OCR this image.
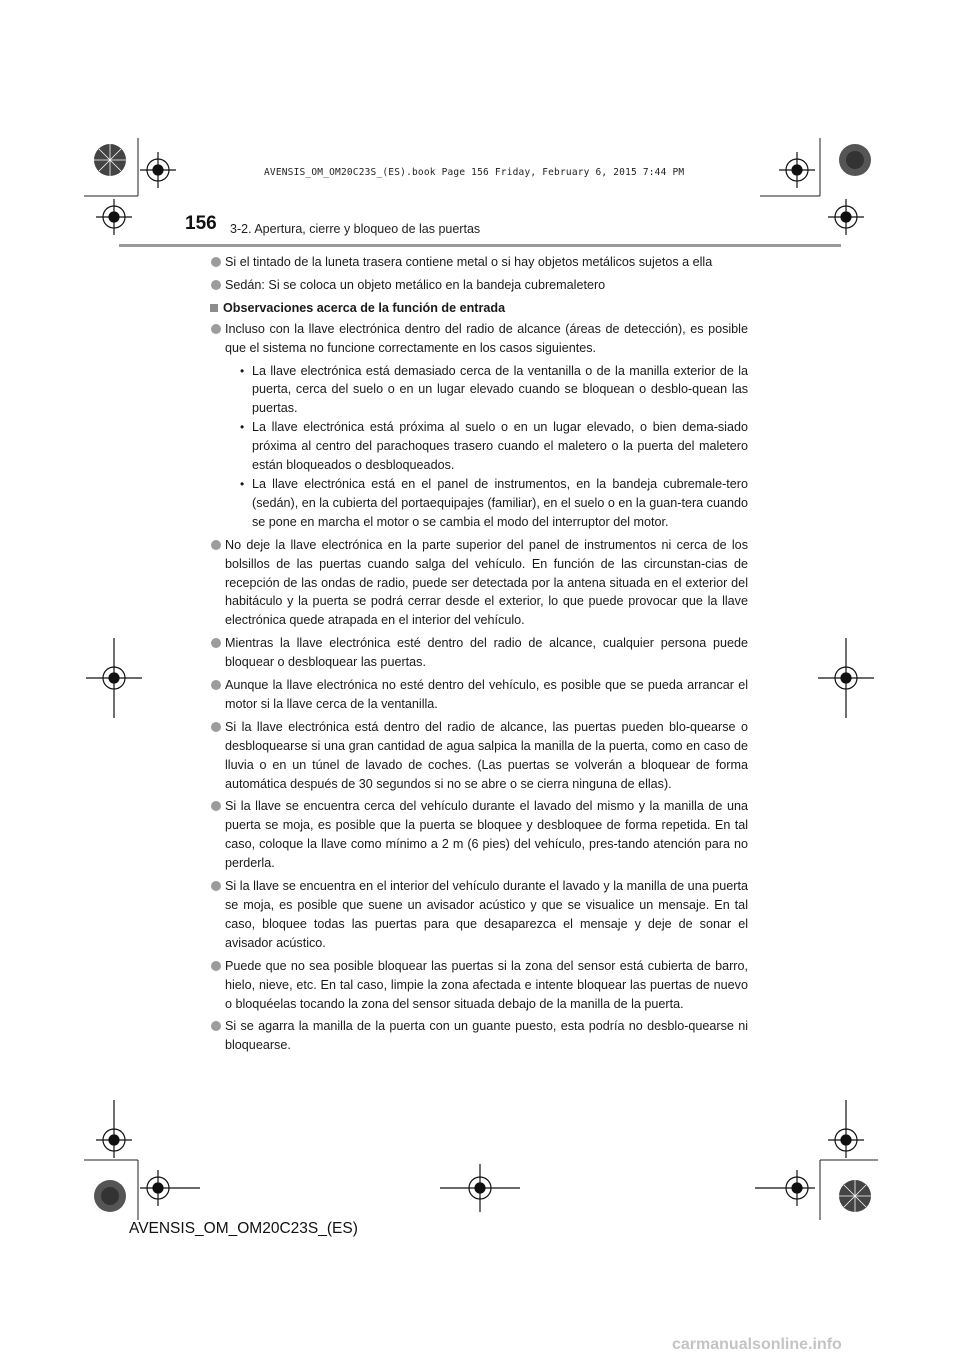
AVENSIS_OM_OM20C23S_(ES).book Page 156 Friday, February 6, 2015 7:44 PM
156 3-2. Apertura, cierre y bloqueo de las puertas
Si el tintado de la luneta trasera contiene metal o si hay objetos metálicos sujetos a ella
Sedán: Si se coloca un objeto metálico en la bandeja cubremaletero
Observaciones acerca de la función de entrada
Incluso con la llave electrónica dentro del radio de alcance (áreas de detección), es posible que el sistema no funcione correctamente en los casos siguientes.
• La llave electrónica está demasiado cerca de la ventanilla o de la manilla exterior de la puerta, cerca del suelo o en un lugar elevado cuando se bloquean o desblo-quean las puertas.
• La llave electrónica está próxima al suelo o en un lugar elevado, o bien dema-siado próxima al centro del parachoques trasero cuando el maletero o la puerta del maletero están bloqueados o desbloqueados.
• La llave electrónica está en el panel de instrumentos, en la bandeja cubremale-tero (sedán), en la cubierta del portaequipajes (familiar), en el suelo o en la guan-tera cuando se pone en marcha el motor o se cambia el modo del interruptor del motor.
No deje la llave electrónica en la parte superior del panel de instrumentos ni cerca de los bolsillos de las puertas cuando salga del vehículo. En función de las circunstan-cias de recepción de las ondas de radio, puede ser detectada por la antena situada en el exterior del habitáculo y la puerta se podrá cerrar desde el exterior, lo que puede provocar que la llave electrónica quede atrapada en el interior del vehículo.
Mientras la llave electrónica esté dentro del radio de alcance, cualquier persona puede bloquear o desbloquear las puertas.
Aunque la llave electrónica no esté dentro del vehículo, es posible que se pueda arrancar el motor si la llave cerca de la ventanilla.
Si la llave electrónica está dentro del radio de alcance, las puertas pueden blo-quearse o desbloquearse si una gran cantidad de agua salpica la manilla de la puerta, como en caso de lluvia o en un túnel de lavado de coches. (Las puertas se volverán a bloquear de forma automática después de 30 segundos si no se abre o se cierra ninguna de ellas).
Si la llave se encuentra cerca del vehículo durante el lavado del mismo y la manilla de una puerta se moja, es posible que la puerta se bloquee y desbloquee de forma repetida. En tal caso, coloque la llave como mínimo a 2 m (6 pies) del vehículo, pres-tando atención para no perderla.
Si la llave se encuentra en el interior del vehículo durante el lavado y la manilla de una puerta se moja, es posible que suene un avisador acústico y que se visualice un mensaje. En tal caso, bloquee todas las puertas para que desaparezca el mensaje y deje de sonar el avisador acústico.
Puede que no sea posible bloquear las puertas si la zona del sensor está cubierta de barro, hielo, nieve, etc. En tal caso, limpie la zona afectada e intente bloquear las puertas de nuevo o bloquéelas tocando la zona del sensor situada debajo de la manilla de la puerta.
Si se agarra la manilla de la puerta con un guante puesto, esta podría no desblo-quearse ni bloquearse.
AVENSIS_OM_OM20C23S_(ES)
carmanualsonline.info
